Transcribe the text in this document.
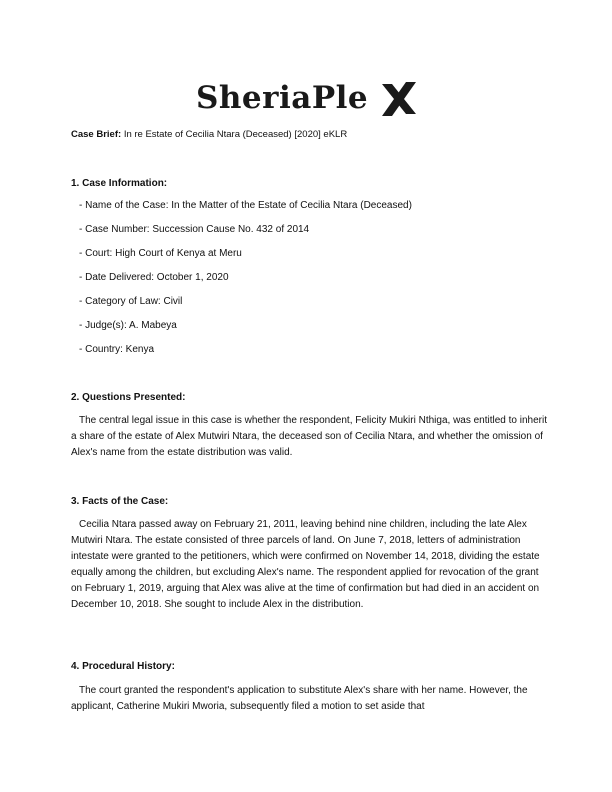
SheriaPle
Case Brief: In re Estate of Cecilia Ntara (Deceased) [2020] eKLR
1. Case Information:
- Name of the Case: In the Matter of the Estate of Cecilia Ntara (Deceased)
- Case Number: Succession Cause No. 432 of 2014
- Court: High Court of Kenya at Meru
- Date Delivered: October 1, 2020
- Category of Law: Civil
- Judge(s): A. Mabeya
- Country: Kenya
2. Questions Presented:

The central legal issue in this case is whether the respondent, Felicity Mukiri Nthiga, was entitled to inherit a share of the estate of Alex Mutwiri Ntara, the deceased son of Cecilia Ntara, and whether the omission of Alex's name from the estate distribution was valid.

3. Facts of the Case:

Cecilia Ntara passed away on February 21, 2011, leaving behind nine children, including the late Alex Mutwiri Ntara. The estate consisted of three parcels of land. On June 7, 2018, letters of administration intestate were granted to the petitioners, which were confirmed on November 14, 2018, dividing the estate equally among the children, but excluding Alex's name. The respondent applied for revocation of the grant on February 1, 2019, arguing that Alex was alive at the time of confirmation but had died in an accident on December 10, 2018. She sought to include Alex in the distribution.

4. Procedural History:

The court granted the respondent's application to substitute Alex's share with her name. However, the applicant, Catherine Mukiri Mworia, subsequently filed a motion to set aside that
